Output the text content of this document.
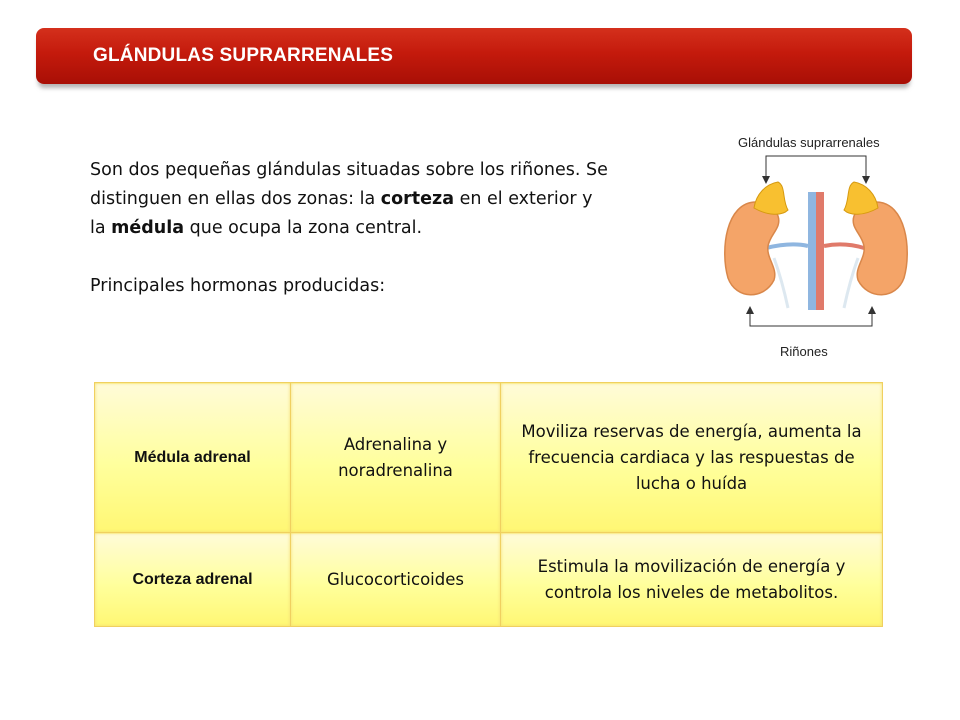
GLÁNDULAS SUPRARRENALES

Son dos pequeñas glándulas situadas sobre los riñones. Se
distinguen en ellas dos zonas: la corteza en el exterior y
la médula que ocupa la zona central.

Principales hormonas producidas:

Glándulas suprarrenales
Riñones
Médula adrenal	Adrenalina y noradrenalina	Moviliza reservas de energía, aumenta la frecuencia cardiaca y las respuestas de lucha o huída
Corteza adrenal	Glucocorticoides	Estimula la movilización de energía y controla los niveles de metabolitos.
